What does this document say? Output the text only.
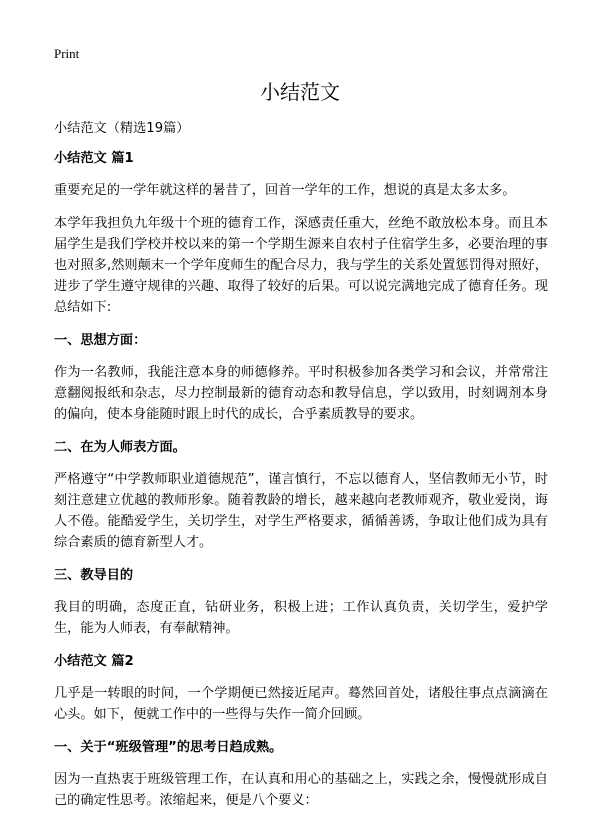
Print
小结范文
小结范文（精选19篇）
小结范文 篇1
重要充足的一学年就这样的暑昔了，回首一学年的工作，想说的真是太多太多。
本学年我担负九年级十个班的德育工作，深感责任重大，丝绝不敢放松本身。而且本届学生是我们学校并校以来的第一个学期生源来自农村子住宿学生多，必要治理的事也对照多,然则颠末一个学年度师生的配合尽力，我与学生的关系处置惩罚得对照好，进步了学生遵守规律的兴趣、取得了较好的后果。可以说完满地完成了德育任务。现总结如下:
一、思想方面：
作为一名教师，我能注意本身的师德修养。平时积极参加各类学习和会议，并常常注意翻阅报纸和杂志，尽力控制最新的德育动态和教导信息，学以致用，时刻调剂本身的偏向，使本身能随时跟上时代的成长，合乎素质教导的要求。
二、在为人师表方面。
严格遵守“中学教师职业道德规范”，谨言慎行，不忘以德育人，坚信教师无小节，时刻注意建立优越的教师形象。随着教龄的增长，越来越向老教师观齐，敬业爱岗，诲人不倦。能酷爱学生，关切学生，对学生严格要求，循循善诱，争取让他们成为具有综合素质的德育新型人才。
三、教导目的
我目的明确，态度正直，钻研业务，积极上进；工作认真负责，关切学生，爱护学生，能为人师表，有奉献精神。
小结范文 篇2
几乎是一转眼的时间，一个学期便已然接近尾声。蓦然回首处，诸般往事点点滴滴在心头。如下，便就工作中的一些得与失作一简介回顾。
一、关于“班级管理”的思考日趋成熟。
因为一直热衷于班级管理工作，在认真和用心的基础之上，实践之余，慢慢就形成自己的确定性思考。浓缩起来，便是八个要义：
